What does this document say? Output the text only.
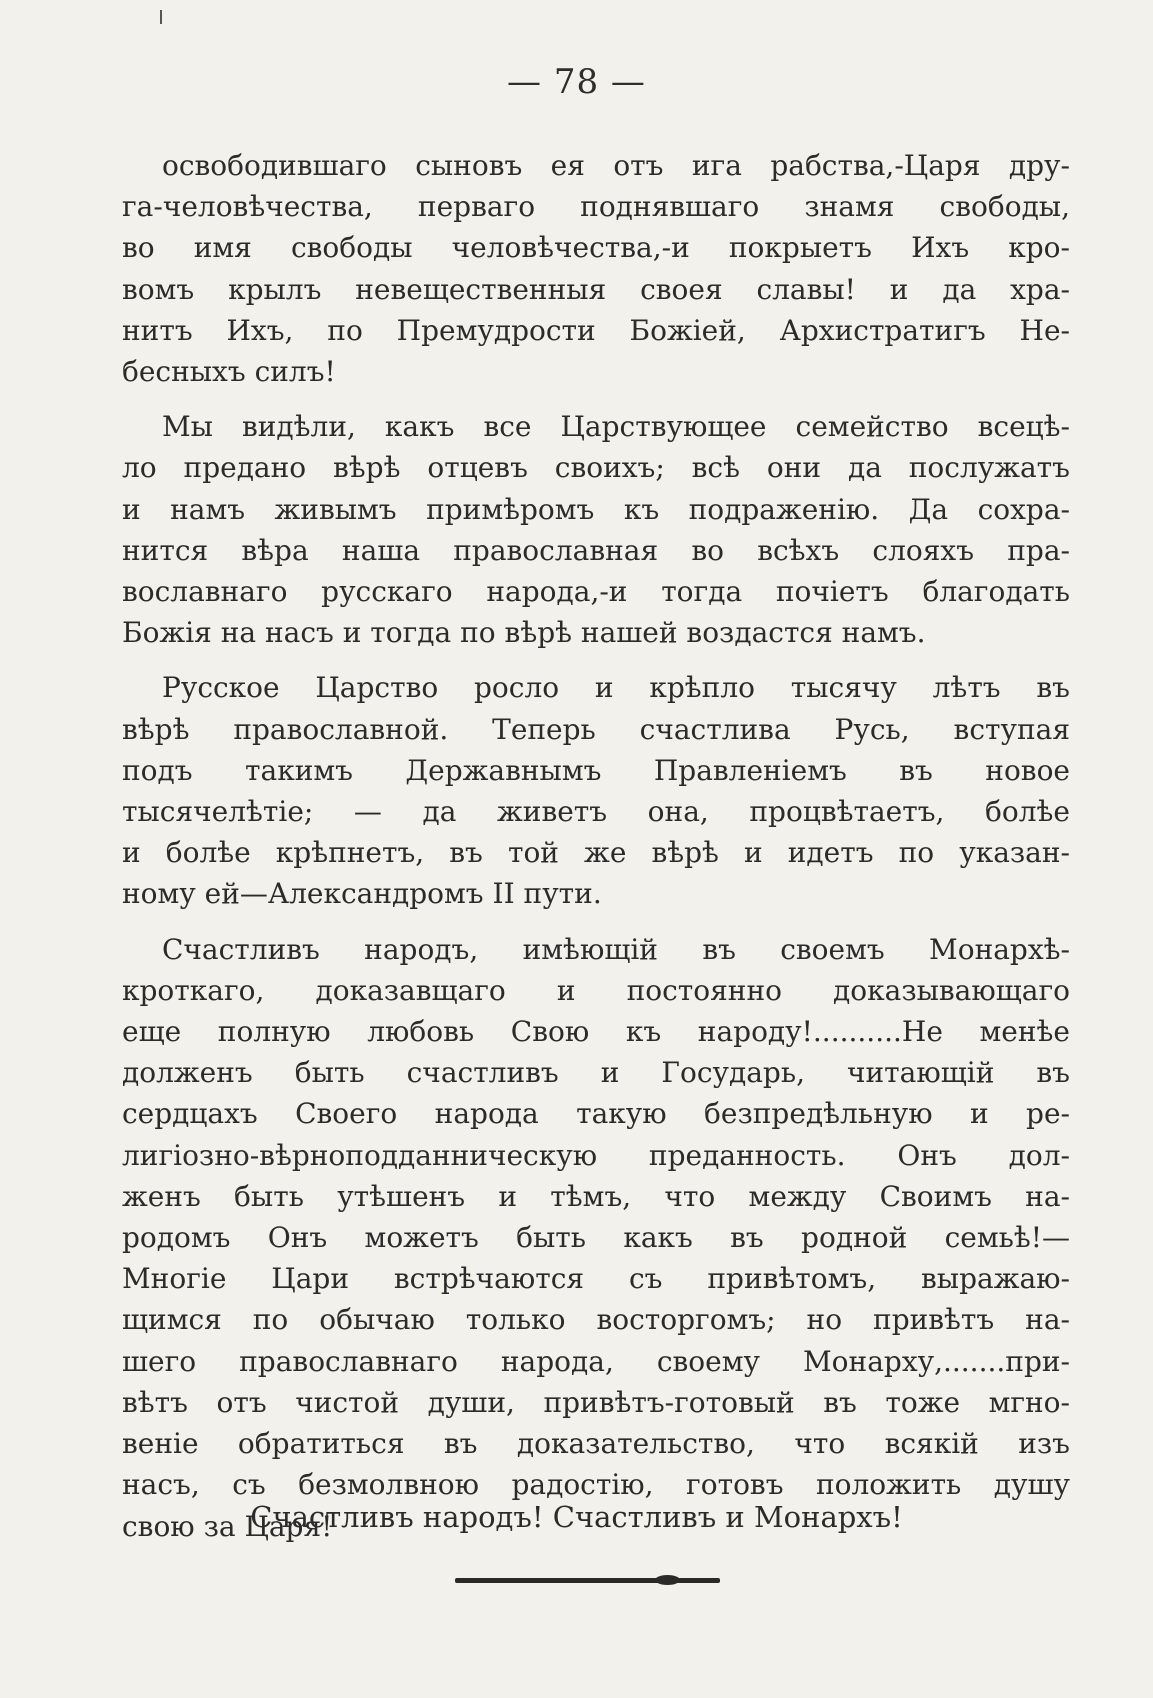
— 78 —
освободившаго сыновъ ея отъ ига рабства,-Царя дру-
га-человѣчества, перваго поднявшаго знамя свободы,
во имя свободы человѣчества,-и покрыетъ Ихъ кро-
вомъ крылъ невещественныя своея славы! и да хра-
нитъ Ихъ, по Премудрости Божіей, Архистратигъ Не-
бесныхъ силъ!
Мы видѣли, какъ все Царствующее семейство всецѣ-
ло предано вѣрѣ отцевъ своихъ; всѣ они да послужатъ
и намъ живымъ примѣромъ къ подраженію. Да сохра-
нится вѣра наша православная во всѣхъ слояхъ пра-
вославнаго русскаго народа,-и тогда почіетъ благодать
Божія на насъ и тогда по вѣрѣ нашей воздастся намъ.
Русское Царство росло и крѣпло тысячу лѣтъ въ
вѣрѣ православной. Теперь счастлива Русь, вступая
подъ такимъ Державнымъ Правленіемъ въ новое
тысячелѣтіе; — да живетъ она, процвѣтаетъ, болѣе
и болѣе крѣпнетъ, въ той же вѣрѣ и идетъ по указан-
ному ей—Александромъ II пути.
Счастливъ народъ, имѣющій въ своемъ Монархѣ-
кроткаго, доказавщаго и постоянно доказывающаго
еще полную любовь Свою къ народу!..........Не менѣе
долженъ быть счастливъ и Государь, читающій въ
сердцахъ Своего народа такую безпредѣльную и ре-
лигіозно-вѣрноподданническую преданность. Онъ дол-
женъ быть утѣшенъ и тѣмъ, что между Своимъ на-
родомъ Онъ можетъ быть какъ въ родной семьѣ!—
Многіе Цари встрѣчаются съ привѣтомъ, выражаю-
щимся по обычаю только восторгомъ; но привѣтъ на-
шего православнаго народа, своему Монарху,.......при-
вѣтъ отъ чистой души, привѣтъ-готовый въ тоже мгно-
веніе обратиться въ доказательство, что всякій изъ
насъ, съ безмолвною радостію, готовъ положить душу
свою за Царя!
Счастливъ народъ! Счастливъ и Монархъ!
